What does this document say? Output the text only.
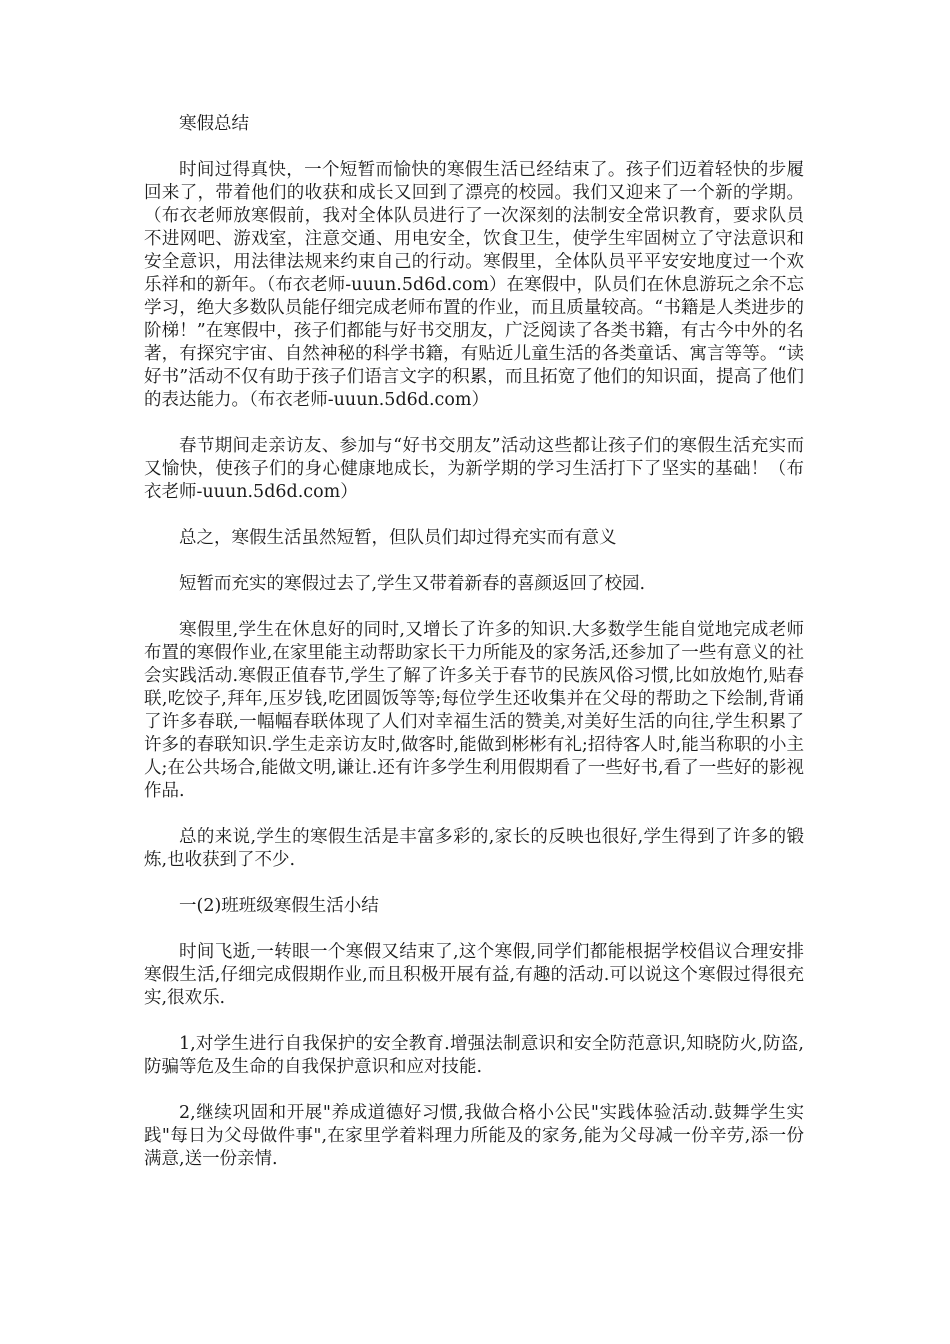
寒假总结

时间过得真快，一个短暂而愉快的寒假生活已经结束了。孩子们迈着轻快的步履回来了，带着他们的收获和成长又回到了漂亮的校园。我们又迎来了一个新的学期。（布衣老师放寒假前，我对全体队员进行了一次深刻的法制安全常识教育，要求队员不进网吧、游戏室，注意交通、用电安全，饮食卫生，使学生牢固树立了守法意识和安全意识，用法律法规来约束自己的行动。寒假里，全体队员平平安安地度过一个欢乐祥和的新年。（布衣老师-uuun.5d6d.com）在寒假中，队员们在休息游玩之余不忘学习，绝大多数队员能仔细完成老师布置的作业，而且质量较高。“书籍是人类进步的阶梯！”在寒假中，孩子们都能与好书交朋友，广泛阅读了各类书籍，有古今中外的名著，有探究宇宙、自然神秘的科学书籍，有贴近儿童生活的各类童话、寓言等等。“读好书”活动不仅有助于孩子们语言文字的积累，而且拓宽了他们的知识面，提高了他们的表达能力。（布衣老师-uuun.5d6d.com）

春节期间走亲访友、参加与“好书交朋友”活动这些都让孩子们的寒假生活充实而又愉快，使孩子们的身心健康地成长，为新学期的学习生活打下了坚实的基础！（布衣老师-uuun.5d6d.com）

总之，寒假生活虽然短暂，但队员们却过得充实而有意义

短暂而充实的寒假过去了,学生又带着新春的喜颜返回了校园.

寒假里,学生在休息好的同时,又增长了许多的知识.大多数学生能自觉地完成老师布置的寒假作业,在家里能主动帮助家长干力所能及的家务活,还参加了一些有意义的社会实践活动.寒假正值春节,学生了解了许多关于春节的民族风俗习惯,比如放炮竹,贴春联,吃饺子,拜年,压岁钱,吃团圆饭等等;每位学生还收集并在父母的帮助之下绘制,背诵了许多春联,一幅幅春联体现了人们对幸福生活的赞美,对美好生活的向往,学生积累了许多的春联知识.学生走亲访友时,做客时,能做到彬彬有礼;招待客人时,能当称职的小主人;在公共场合,能做文明,谦让.还有许多学生利用假期看了一些好书,看了一些好的影视作品.

总的来说,学生的寒假生活是丰富多彩的,家长的反映也很好,学生得到了许多的锻炼,也收获到了不少.

一(2)班班级寒假生活小结

时间飞逝,一转眼一个寒假又结束了,这个寒假,同学们都能根据学校倡议合理安排寒假生活,仔细完成假期作业,而且积极开展有益,有趣的活动.可以说这个寒假过得很充实,很欢乐.

1,对学生进行自我保护的安全教育.增强法制意识和安全防范意识,知晓防火,防盗,防骗等危及生命的自我保护意识和应对技能.

2,继续巩固和开展"养成道德好习惯,我做合格小公民"实践体验活动.鼓舞学生实践"每日为父母做件事",在家里学着料理力所能及的家务,能为父母减一份辛劳,添一份满意,送一份亲情.
